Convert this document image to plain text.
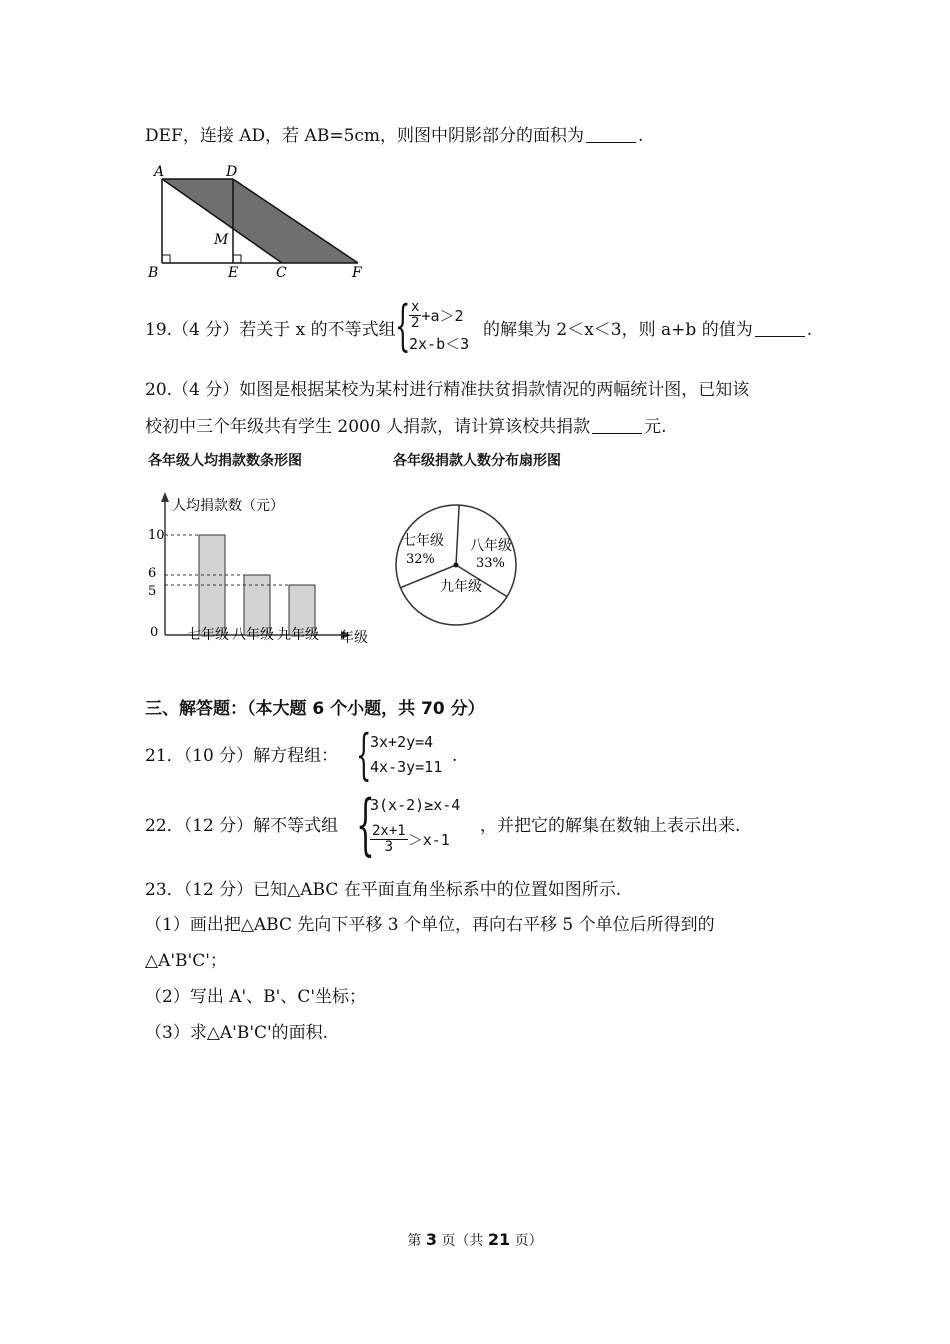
DEF，连接 AD，若 AB=5cm，则图中阴影部分的面积为	.
A	D
M
B	E	C	F
19.（4 分）若关于 x 的不等式组 {
$\frac{x}{2} +a>2$
2x-b＜3
的解集为 2＜x＜3，则 a+b 的值为	.
20.（4 分）如图是根据某校为某村进行精准扶贫捐款情况的两幅统计图，已知该
校初中三个年级共有学生 2000 人捐款，请计算该校共捐款	元.
各年级人均捐款数条形图	各年级捐款人数分布扇形图
人均捐款数（元）
年级
0 七年级
10
八年级
6
九年级
5
七年级
32%
八年级
33%
九年级
三、解答题：（本大题 6 个小题，共 70 分）
21．（10 分）解方程组： {
3x+2y=4
4x-3y=11
.
22．（12 分）解不等式组 {
3(x-2)≥x-4
$\frac{2x+1}{3} >x-1$
，并把它的解集在数轴上表示出来.
23．（12 分）已知△ABC 在平面直角坐标系中的位置如图所示.
（1）画出把△ABC 先向下平移 3 个单位，再向右平移 5 个单位后所得到的
△A'B'C'；
（2）写出 A'、B'、C'坐标；
（3）求△A'B'C'的面积.
第 3 页（共 21 页）
